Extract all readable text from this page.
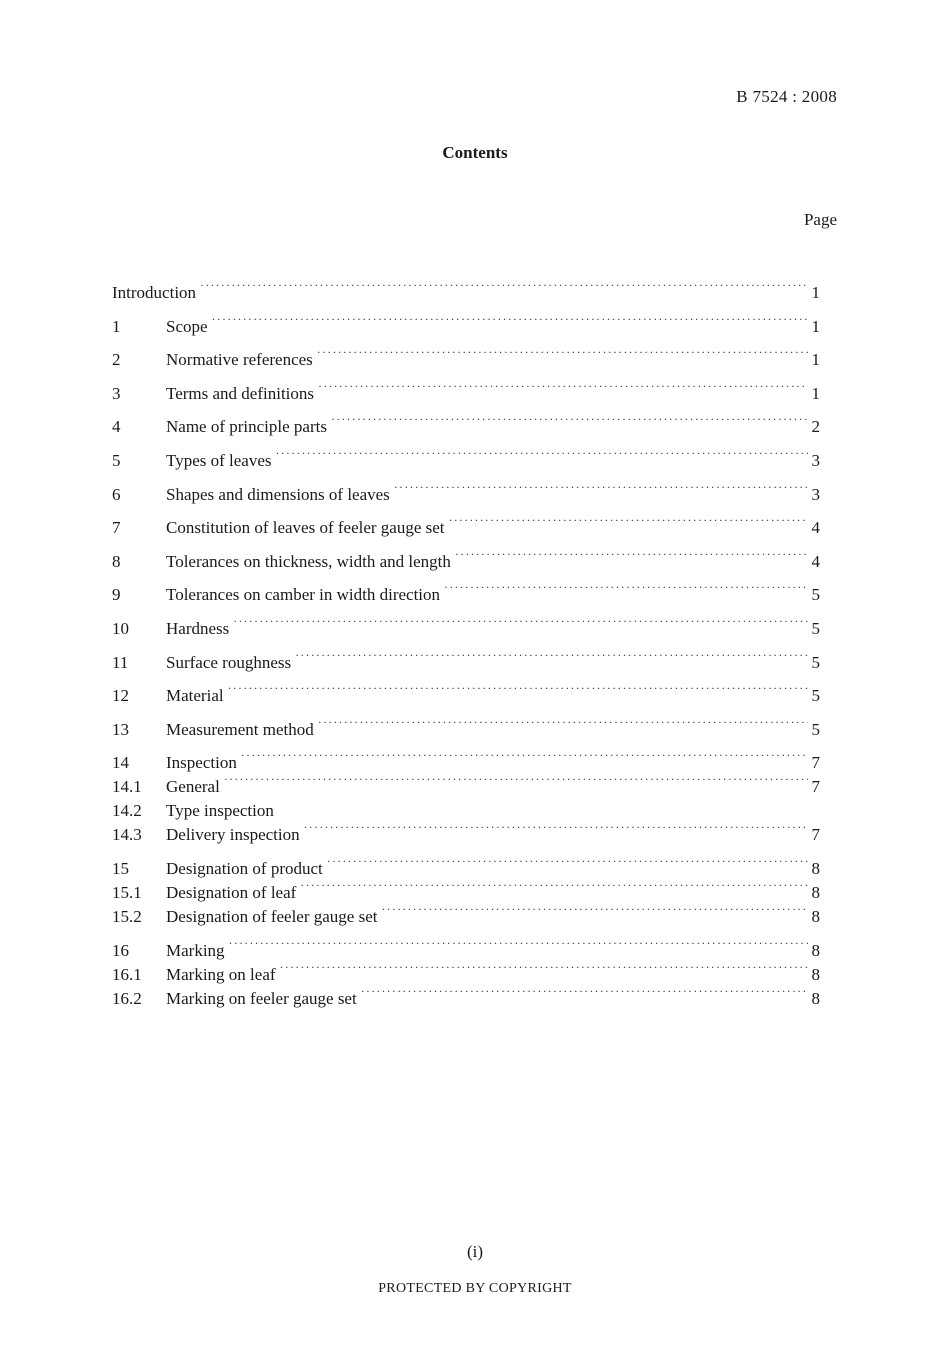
B 7524 : 2008
Contents
Page
Introduction ·····	1
1	Scope ·····	1
2	Normative references ·····	1
3	Terms and definitions ·····	1
4	Name of principle parts ·····	2
5	Types of leaves ·····	3
6	Shapes and dimensions of leaves ·····	3
7	Constitution of leaves of feeler gauge set ·····	4
8	Tolerances on thickness, width and length ·····	4
9	Tolerances on camber in width direction ·····	5
10	Hardness ·····	5
11	Surface roughness ·····	5
12	Material ·····	5
13	Measurement method ·····	5
14	Inspection ·····	7
14.1	General ·····	7
14.2	Type inspection
14.3	Delivery inspection ·····	7
15	Designation of product ·····	8
15.1	Designation of leaf ·····	8
15.2	Designation of feeler gauge set ·····	8
16	Marking ·····	8
16.1	Marking on leaf ·····	8
16.2	Marking on feeler gauge set ·····	8
(i)
PROTECTED BY COPYRIGHT
